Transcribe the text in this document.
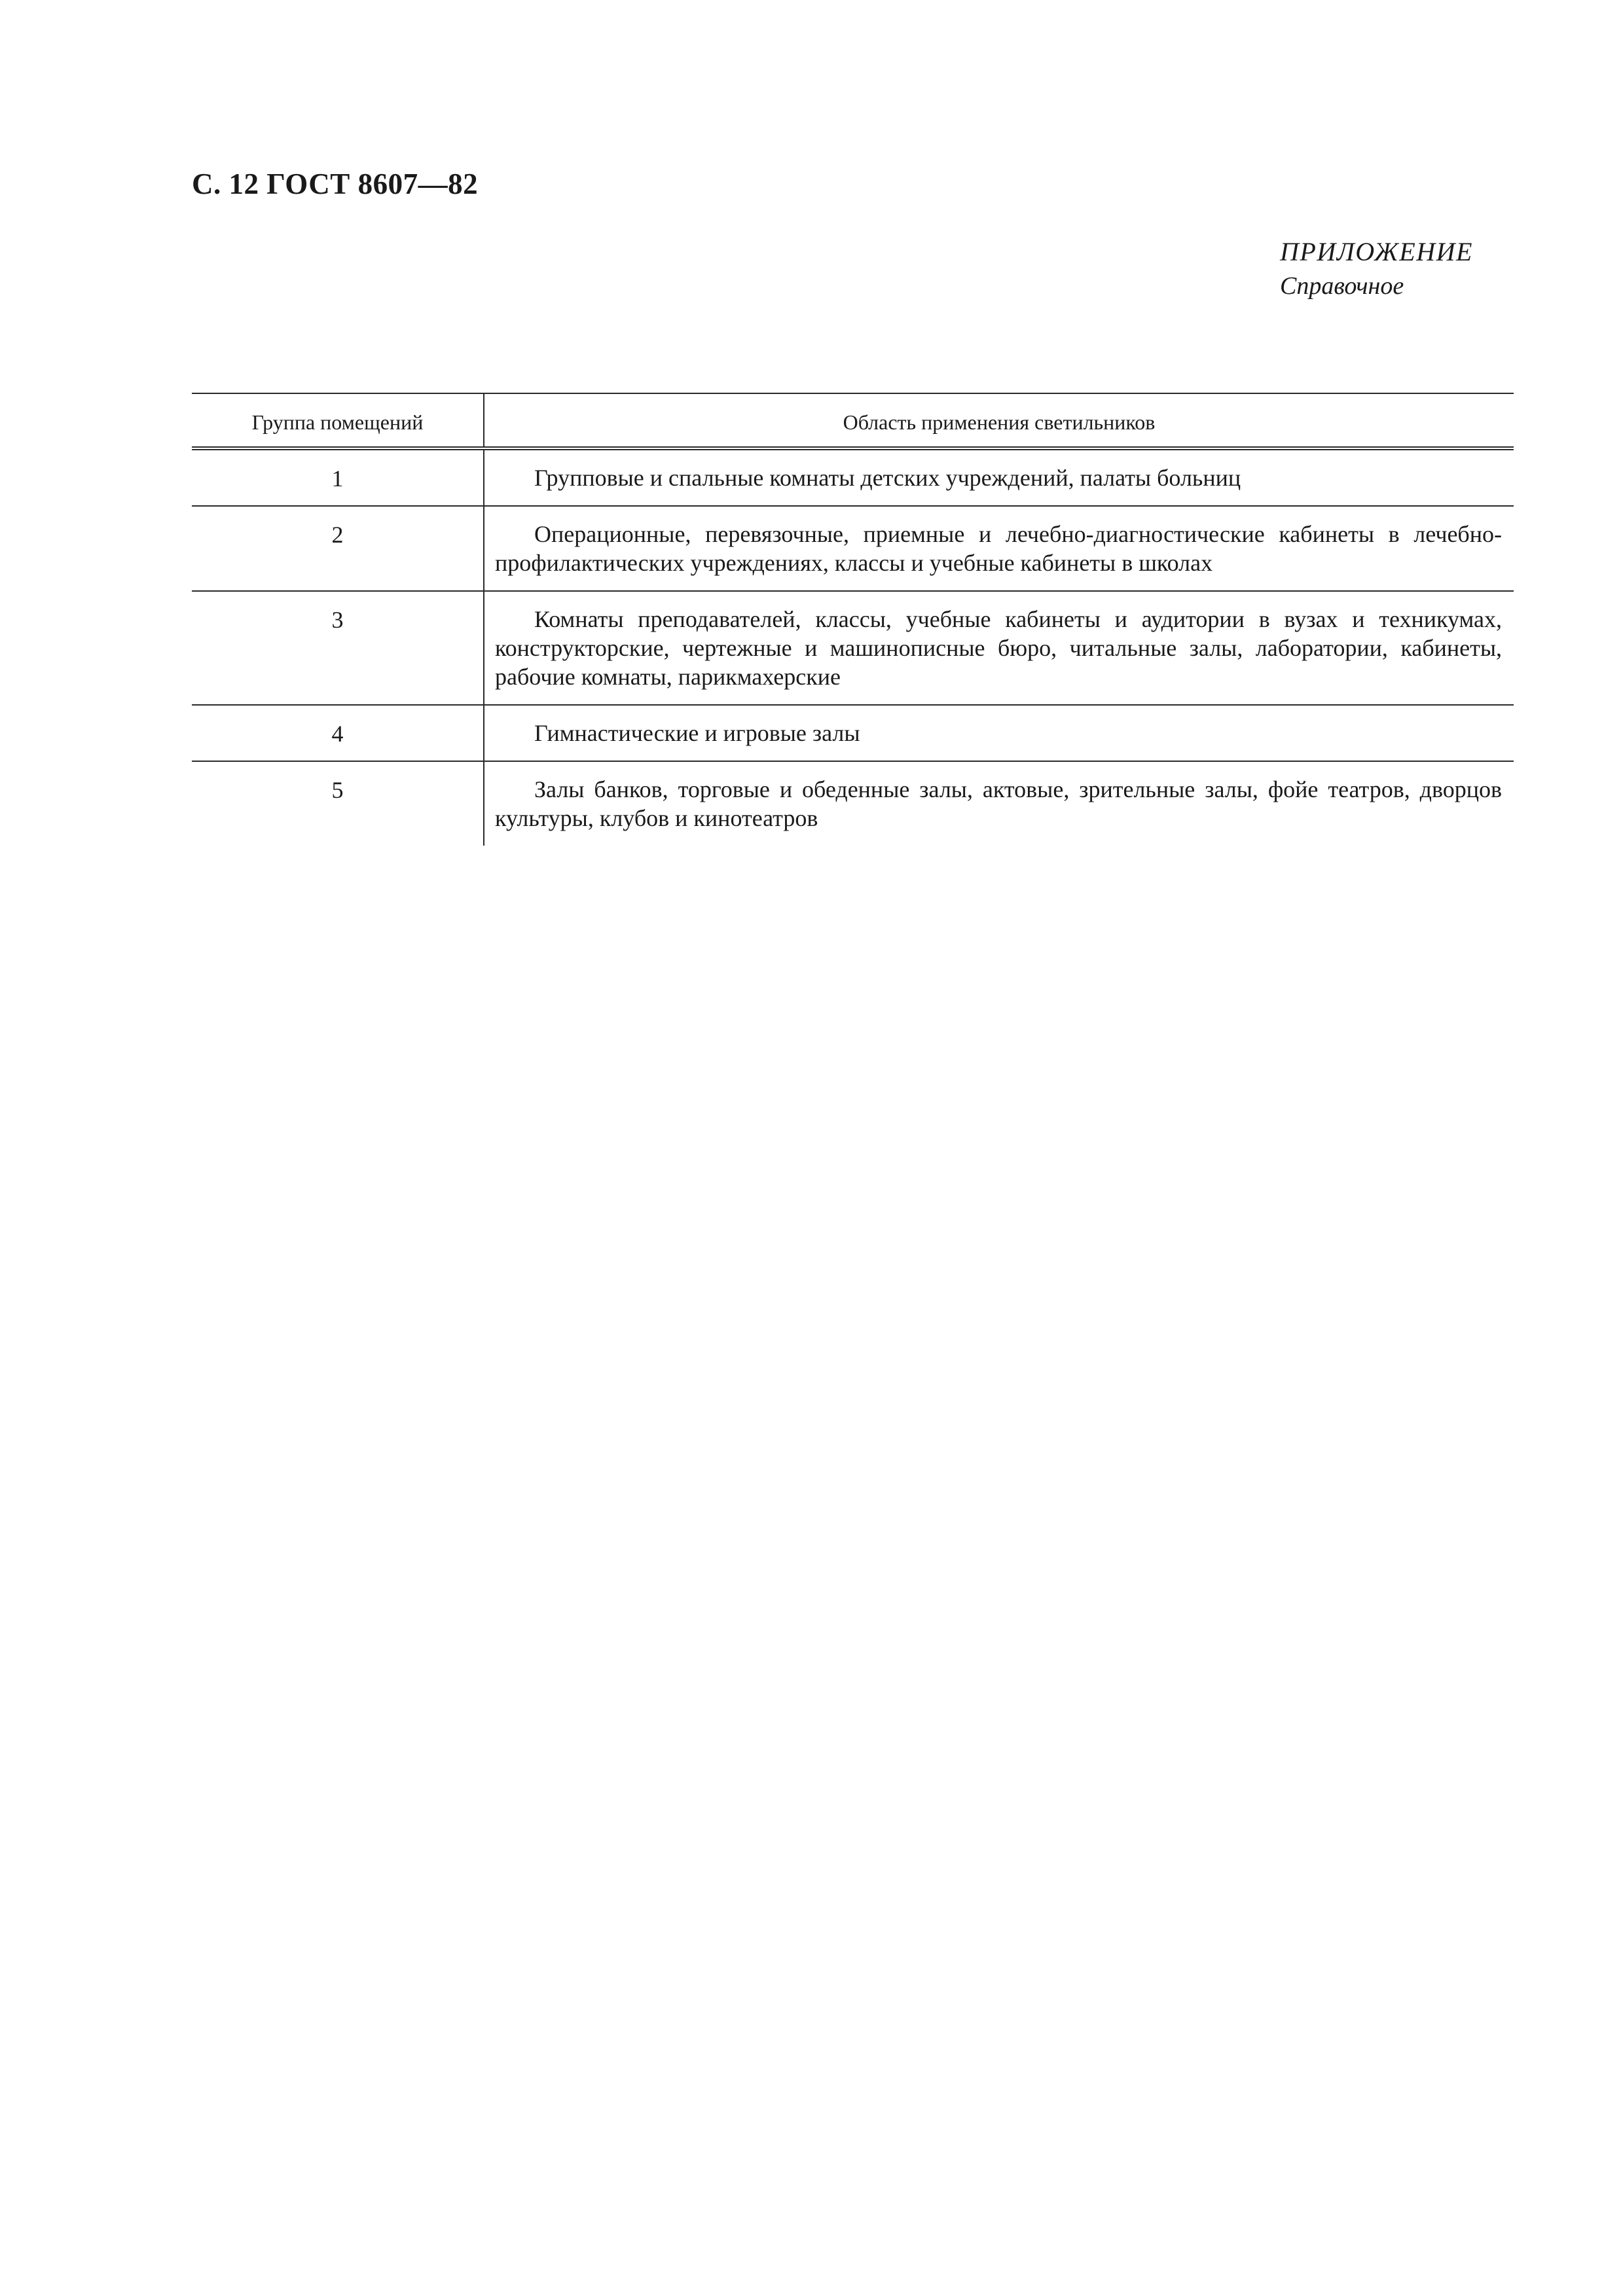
С. 12 ГОСТ 8607—82
ПРИЛОЖЕНИЕ
Справочное
Группа помещений	Область применения светильников
1	Групповые и спальные комнаты детских учреждений, палаты больниц
2	Операционные, перевязочные, приемные и лечебно-диагностические кабинеты в лечебно-профилактических учреждениях, классы и учебные кабинеты в школах
3	Комнаты преподавателей, классы, учебные кабинеты и аудитории в вузах и техникумах, конструкторские, чертежные и машинописные бюро, читальные залы, лаборатории, кабинеты, рабочие комнаты, парикмахерские
4	Гимнастические и игровые залы
5	Залы банков, торговые и обеденные залы, актовые, зрительные залы, фойе театров, дворцов культуры, клубов и кинотеатров
